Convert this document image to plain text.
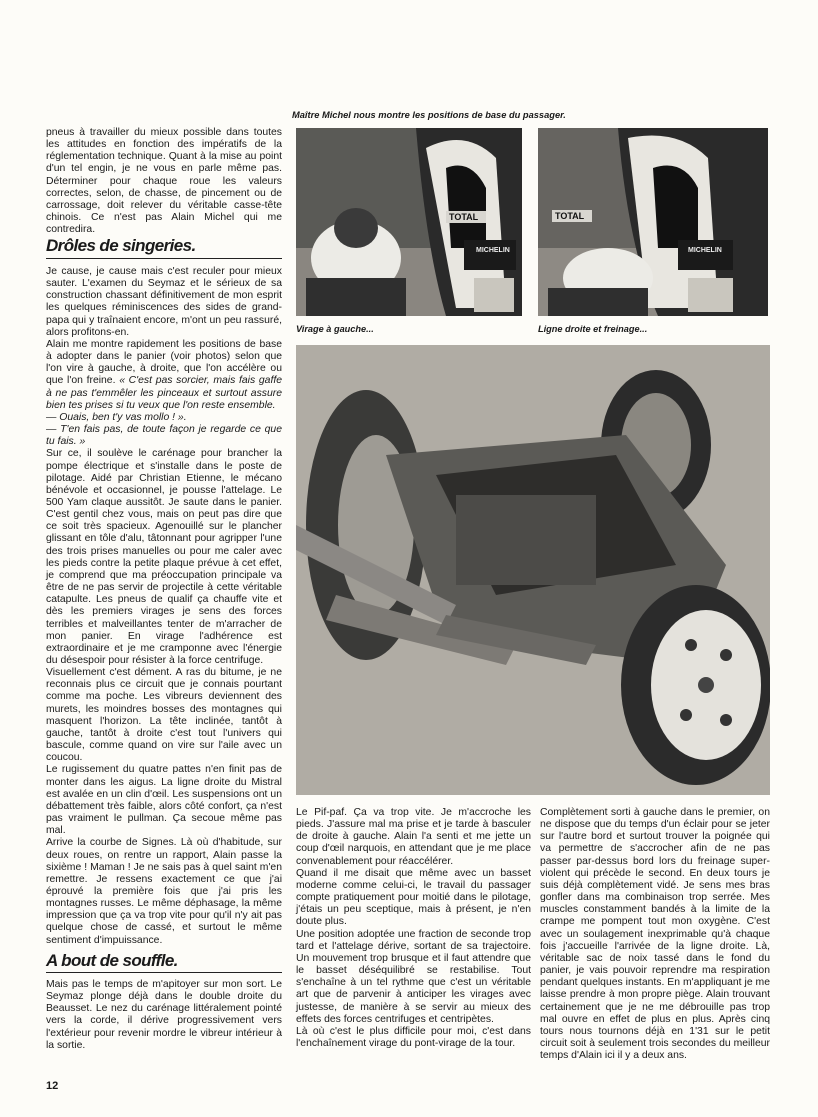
Maître Michel nous montre les positions de base du passager.

pneus à travailler du mieux possible dans toutes les attitudes en fonction des impératifs de la réglementation technique. Quant à la mise au point d'un tel engin, je ne vous en parle même pas. Déterminer pour chaque roue les valeurs correctes, selon, de chasse, de pincement ou de carrossage, doit relever du véritable casse-tête chinois. Ce n'est pas Alain Michel qui me contredira.

Drôles de singeries.

Je cause, je cause mais c'est reculer pour mieux sauter. L'examen du Seymaz et le sérieux de sa construction chassant définitivement de mon esprit les quelques réminiscences des sides de grand-papa qui y traînaient encore, m'ont un peu rassuré, alors profitons-en.

Alain me montre rapidement les positions de base à adopter dans le panier (voir photos) selon que l'on vire à gauche, à droite, que l'on accélère ou que l'on freine. « C'est pas sorcier, mais fais gaffe à ne pas t'emmêler les pinceaux et surtout assure bien tes prises si tu veux que l'on reste ensemble.

— Ouais, ben t'y vas mollo ! ».

— T'en fais pas, de toute façon je regarde ce que tu fais. »

Sur ce, il soulève le carénage pour brancher la pompe électrique et s'installe dans le poste de pilotage. Aidé par Christian Etienne, le mécano bénévole et occasionnel, je pousse l'attelage. Le 500 Yam claque aussitôt. Je saute dans le panier. C'est gentil chez vous, mais on peut pas dire que ce soit très spacieux. Agenouillé sur le plancher glissant en tôle d'alu, tâtonnant pour agripper l'une des trois prises manuelles ou pour me caler avec les pieds contre la petite plaque prévue à cet effet, je comprend que ma préoccupation principale va être de ne pas servir de projectile à cette véritable catapulte. Les pneus de qualif ça chauffe vite et dès les premiers virages je sens des forces terribles et malveillantes tenter de m'arracher de mon panier. En virage l'adhérence est extraordinaire et je me cramponne avec l'énergie du désespoir pour résister à la force centrifuge.

Visuellement c'est dément. A ras du bitume, je ne reconnais plus ce circuit que je connais pourtant comme ma poche. Les vibreurs deviennent des murets, les moindres bosses des montagnes qui masquent l'horizon. La tête inclinée, tantôt à gauche, tantôt à droite c'est tout l'univers qui bascule, comme quand on vire sur l'aile avec un coucou.

Le rugissement du quatre pattes n'en finit pas de monter dans les aigus. La ligne droite du Mistral est avalée en un clin d'œil. Les suspensions ont un débattement très faible, alors côté confort, ça n'est pas vraiment le pullman. Ça secoue même pas mal.

Arrive la courbe de Signes. Là où d'habitude, sur deux roues, on rentre un rapport, Alain passe la sixième ! Maman ! Je ne sais pas à quel saint m'en remettre. Je ressens exactement ce que j'ai éprouvé la première fois que j'ai pris les montagnes russes. Le même déphasage, la même impression que ça va trop vite pour qu'il n'y ait pas quelque chose de cassé, et surtout le même sentiment d'impuissance.

A bout de souffle.

Mais pas le temps de m'apitoyer sur mon sort. Le Seymaz plonge déjà dans le double droite du Beausset. Le nez du carénage littéralement pointé vers la corde, il dérive progressivement vers l'extérieur pour revenir mordre le vibreur intérieur à la sortie.

12
TOTAL
MICHELIN
TOTAL
MICHELIN
Virage à gauche...	Ligne droite et freinage...

Le Pif-paf. Ça va trop vite. Je m'accroche les pieds. J'assure mal ma prise et je tarde à basculer de droite à gauche. Alain l'a senti et me jette un coup d'œil narquois, en attendant que je me place convenablement pour réaccélérer.

Quand il me disait que même avec un basset moderne comme celui-ci, le travail du passager compte pratiquement pour moitié dans le pilotage, j'étais un peu sceptique, mais à présent, je n'en doute plus.

Une position adoptée une fraction de seconde trop tard et l'attelage dérive, sortant de sa trajectoire. Un mouvement trop brusque et il faut attendre que le basset déséquilibré se restabilise. Tout s'enchaîne à un tel rythme que c'est un véritable art que de parvenir à anticiper les virages avec justesse, de manière à se servir au mieux des effets des forces centrifuges et centripètes.

Là où c'est le plus difficile pour moi, c'est dans l'enchaînement virage du pont-virage de la tour.

Complètement sorti à gauche dans le premier, on ne dispose que du temps d'un éclair pour se jeter sur l'autre bord et surtout trouver la poignée qui va permettre de s'accrocher afin de ne pas passer par-dessus bord lors du freinage super-violent qui précède le second. En deux tours je suis déjà complètement vidé. Je sens mes bras gonfler dans ma combinaison trop serrée. Mes muscles constamment bandés à la limite de la crampe me pompent tout mon oxygène. C'est avec un soulagement inexprimable qu'à chaque fois j'accueille l'arrivée de la ligne droite. Là, véritable sac de noix tassé dans le fond du panier, je vais pouvoir reprendre ma respiration pendant quelques instants. En m'appliquant je me laisse prendre à mon propre piège. Alain trouvant certainement que je ne me débrouille pas trop mal ouvre en effet de plus en plus. Après cinq tours nous tournons déjà en 1'31 sur le petit circuit soit à seulement trois secondes du meilleur temps d'Alain ici il y a deux ans.
